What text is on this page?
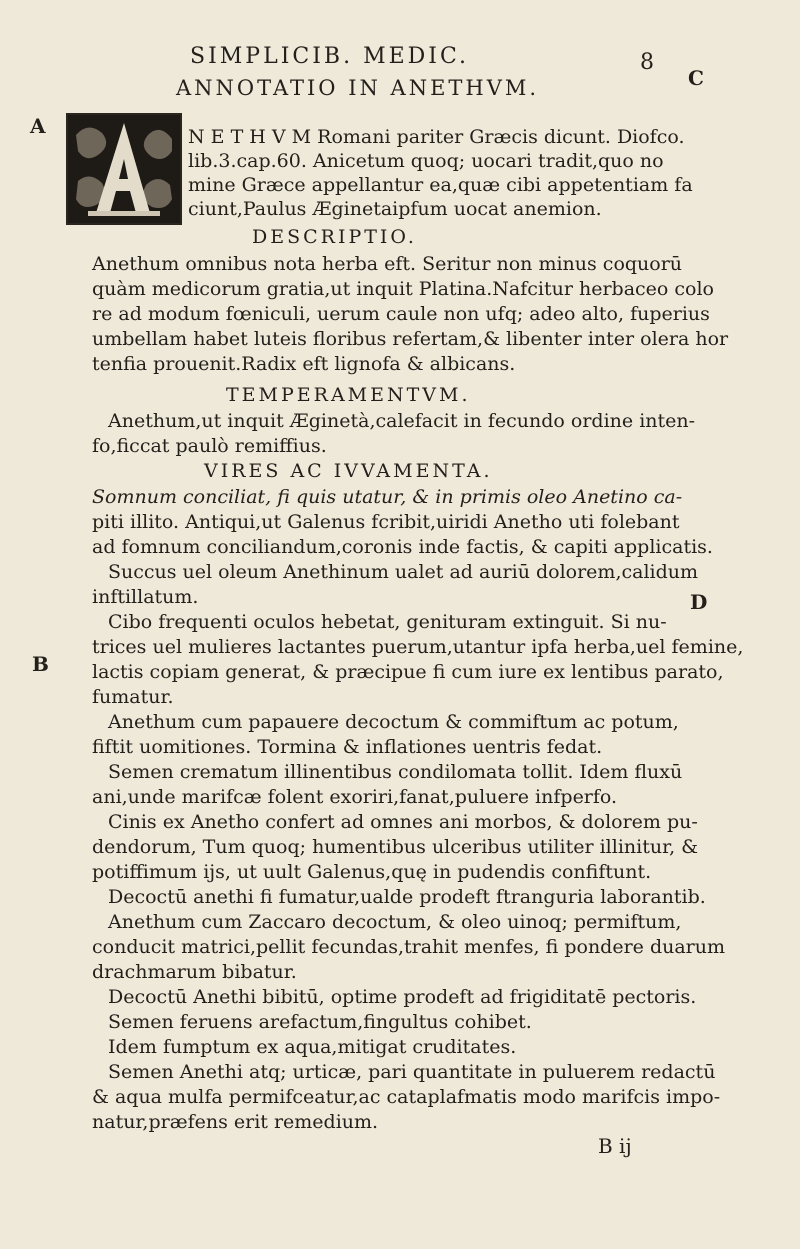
SIMPLICIB. MEDIC.	8
ANNOTATIO IN ANETHVM.
A
C
D
B
N E T H V M Romani pariter Græcis dicunt. Diofco.
lib.3.cap.60. Anicetum quoq; uocari tradit,quo no
mine Græce appellantur ea,quæ cibi appetentiam fa
ciunt,Paulus Æginetaipfum uocat anemion.
DESCRIPTIO.
Anethum omnibus nota herba eft. Seritur non minus coquorū
quàm medicorum gratia,ut inquit Platina.Nafcitur herbaceo colo
re ad modum fœniculi, uerum caule non ufq; adeo alto, fuperius
umbellam habet luteis floribus refertam,& libenter inter olera hor
tenfia prouenit.Radix eft lignofa & albicans.
TEMPERAMENTVM.
Anethum,ut inquit Æginetà,calefacit in fecundo ordine inten-
fo,ficcat paulò remiffius.
VIRES AC IVVAMENTA.
Somnum conciliat, fi quis utatur, & in primis oleo Anetino ca-
piti illito. Antiqui,ut Galenus fcribit,uiridi Anetho uti folebant
ad fomnum conciliandum,coronis inde factis, & capiti applicatis.
Succus uel oleum Anethinum ualet ad auriū dolorem,calidum
inftillatum.
Cibo frequenti oculos hebetat, genituram extinguit. Si nu-
trices uel mulieres lactantes puerum,utantur ipfa herba,uel femine,
lactis copiam generat, & præcipue fi cum iure ex lentibus parato,
fumatur.
Anethum cum papauere decoctum & commiftum ac potum,
fiftit uomitiones. Tormina & inflationes uentris fedat.
Semen crematum illinentibus condilomata tollit. Idem fluxū
ani,unde marifcæ folent exoriri,fanat,puluere infperfo.
Cinis ex Anetho confert ad omnes ani morbos, & dolorem pu-
dendorum, Tum quoq; humentibus ulceribus utiliter illinitur, &
potiffimum ijs, ut uult Galenus,quę in pudendis confiftunt.
Decoctū anethi fi fumatur,ualde prodeft ftranguria laborantib.
Anethum cum Zaccaro decoctum, & oleo uinoq; permiftum,
conducit matrici,pellit fecundas,trahit menfes, fi pondere duarum
drachmarum bibatur.
Decoctū Anethi bibitū, optime prodeft ad frigiditatē pectoris.
Semen feruens arefactum,fingultus cohibet.
Idem fumptum ex aqua,mitigat cruditates.
Semen Anethi atq; urticæ, pari quantitate in puluerem redactū
& aqua mulfa permifceatur,ac cataplafmatis modo marifcis impo-
natur,præfens erit remedium.
B ij
